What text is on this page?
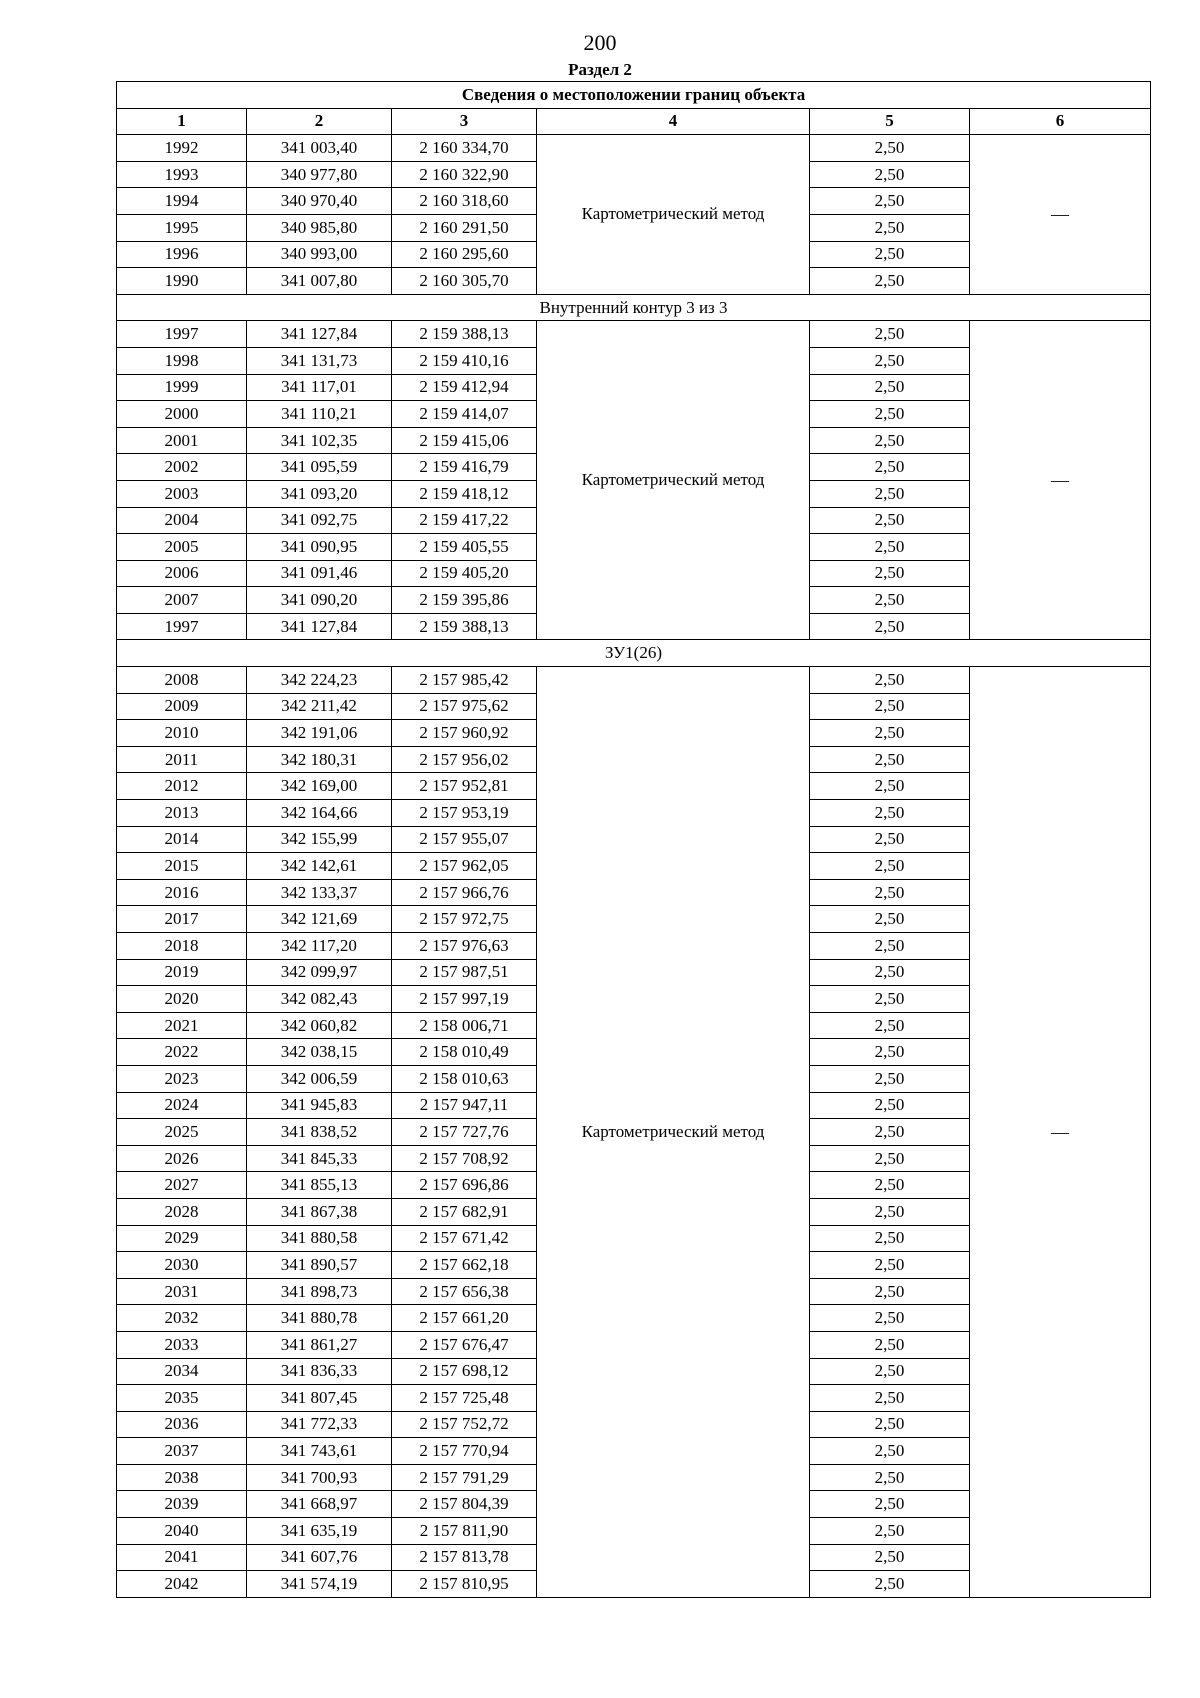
200
Раздел 2
Сведения о местоположении границ объекта					
1	2	3	4	5	6
1992	341 003,40	2 160 334,70	Картометрический метод	2,50	—
1993	340 977,80	2 160 322,90		2,50	
1994	340 970,40	2 160 318,60		2,50	
1995	340 985,80	2 160 291,50		2,50	
1996	340 993,00	2 160 295,60		2,50	
1990	341 007,80	2 160 305,70		2,50	
Внутренний контур 3 из 3					
1997	341 127,84	2 159 388,13	Картометрический метод	2,50	—
1998	341 131,73	2 159 410,16		2,50	
1999	341 117,01	2 159 412,94		2,50	
2000	341 110,21	2 159 414,07		2,50	
2001	341 102,35	2 159 415,06		2,50	
2002	341 095,59	2 159 416,79		2,50	
2003	341 093,20	2 159 418,12		2,50	
2004	341 092,75	2 159 417,22		2,50	
2005	341 090,95	2 159 405,55		2,50	
2006	341 091,46	2 159 405,20		2,50	
2007	341 090,20	2 159 395,86		2,50	
1997	341 127,84	2 159 388,13		2,50	
ЗУ1(26)					
2008	342 224,23	2 157 985,42	Картометрический метод	2,50	—
2009	342 211,42	2 157 975,62		2,50	
2010	342 191,06	2 157 960,92		2,50	
2011	342 180,31	2 157 956,02		2,50	
2012	342 169,00	2 157 952,81		2,50	
2013	342 164,66	2 157 953,19		2,50	
2014	342 155,99	2 157 955,07		2,50	
2015	342 142,61	2 157 962,05		2,50	
2016	342 133,37	2 157 966,76		2,50	
2017	342 121,69	2 157 972,75		2,50	
2018	342 117,20	2 157 976,63		2,50	
2019	342 099,97	2 157 987,51		2,50	
2020	342 082,43	2 157 997,19		2,50	
2021	342 060,82	2 158 006,71		2,50	
2022	342 038,15	2 158 010,49		2,50	
2023	342 006,59	2 158 010,63		2,50	
2024	341 945,83	2 157 947,11		2,50	
2025	341 838,52	2 157 727,76		2,50	
2026	341 845,33	2 157 708,92		2,50	
2027	341 855,13	2 157 696,86		2,50	
2028	341 867,38	2 157 682,91		2,50	
2029	341 880,58	2 157 671,42		2,50	
2030	341 890,57	2 157 662,18		2,50	
2031	341 898,73	2 157 656,38		2,50	
2032	341 880,78	2 157 661,20		2,50	
2033	341 861,27	2 157 676,47		2,50	
2034	341 836,33	2 157 698,12		2,50	
2035	341 807,45	2 157 725,48		2,50	
2036	341 772,33	2 157 752,72		2,50	
2037	341 743,61	2 157 770,94		2,50	
2038	341 700,93	2 157 791,29		2,50	
2039	341 668,97	2 157 804,39		2,50	
2040	341 635,19	2 157 811,90		2,50	
2041	341 607,76	2 157 813,78		2,50	
2042	341 574,19	2 157 810,95		2,50	
